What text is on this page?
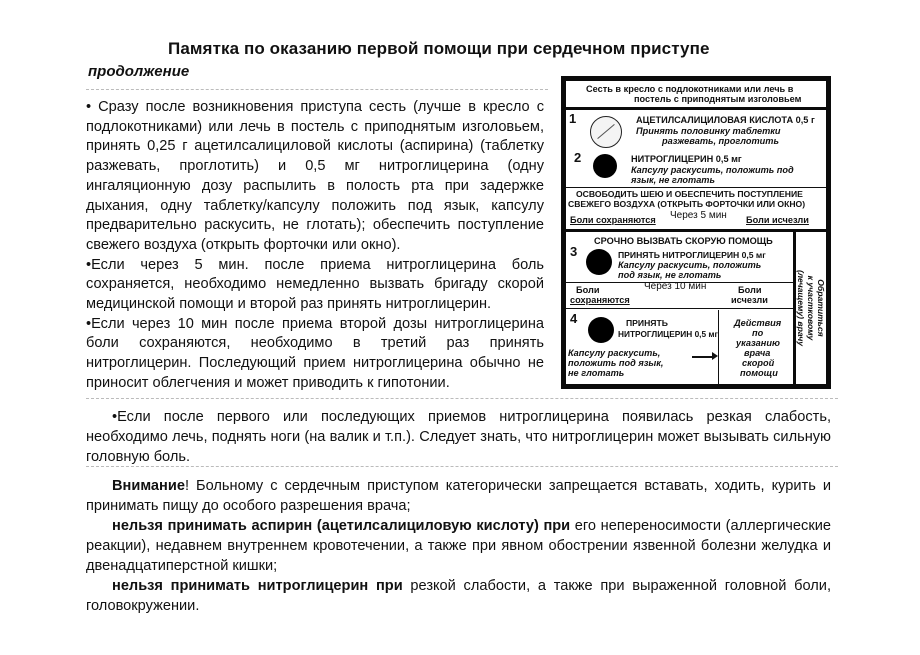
Памятка по оказанию первой помощи при сердечном приступе
продолжение

• Сразу после возникновения приступа сесть (лучше в кресло с подлокотниками) или лечь в постель с приподнятым изголовьем, принять 0,25 г ацетилсалициловой кислоты (аспирина) (таблетку разжевать, проглотить) и 0,5 мг нитроглицерина (одну ингаляционную дозу распылить в полость рта при задержке дыхания, одну таблетку/капсулу положить под язык, капсулу предварительно раскусить, не глотать); обеспечить поступление свежего воздуха (открыть форточки или окно).

•Если через 5 мин. после приема нитроглицерина боль сохраняется, необходимо немедленно вызвать бригаду скорой медицинской помощи и второй раз принять нитроглицерин.

•Если через 10 мин после приема второй дозы нитроглицерина боли сохраняются, необходимо в третий раз принять нитроглицерин. Последующий прием нитроглицерина обычно не приносит облегчения и может приводить к гипотонии.

•Если после первого или последующих приемов нитроглицерина появилась резкая слабость, необходимо лечь, поднять ноги (на валик и т.п.). Следует знать, что нитроглицерин может вызывать сильную головную боль.

Внимание! Больному с сердечным приступом категорически запрещается вставать, ходить, курить и принимать пищу до особого разрешения врача;

нельзя принимать аспирин (ацетилсалициловую кислоту) при его непереносимости (аллергические реакции), недавнем внутреннем кровотечении, а также при явном обострении язвенной болезни желудка и двенадцатиперстной кишки;

нельзя принимать нитроглицерин при резкой слабости, а также при выраженной головной боли, головокружении.

Сесть в кресло с подлокотниками или лечь в
постель с приподнятым изголовьем
1	АЦЕТИЛСАЛИЦИЛОВАЯ КИСЛОТА 0,5 г
Принять половинку таблетки
разжевать, проглотить
2	НИТРОГЛИЦЕРИН 0,5 мг
Капсулу раскусить, положить под
язык, не глотать
ОСВОБОДИТЬ ШЕЮ И ОБЕСПЕЧИТЬ ПОСТУПЛЕНИЕ
СВЕЖЕГО ВОЗДУХА (ОТКРЫТЬ ФОРТОЧКИ ИЛИ ОКНО)
Боли сохраняются Через 5 мин Боли исчезли
СРОЧНО ВЫЗВАТЬ СКОРУЮ ПОМОЩЬ
3	ПРИНЯТЬ НИТРОГЛИЦЕРИН 0,5 мг
Капсулу раскусить, положить
под язык, не глотать
Боли
сохраняются
Через 10 мин	Боли
исчезли
4	ПРИНЯТЬ
НИТРОГЛИЦЕРИН 0,5 мг
Капсулу раскусить,
положить под язык,
не глотать
Действия
по
указанию
врача
скорой
помощи
Обратиться
к участковому
(лечащему) врачу
